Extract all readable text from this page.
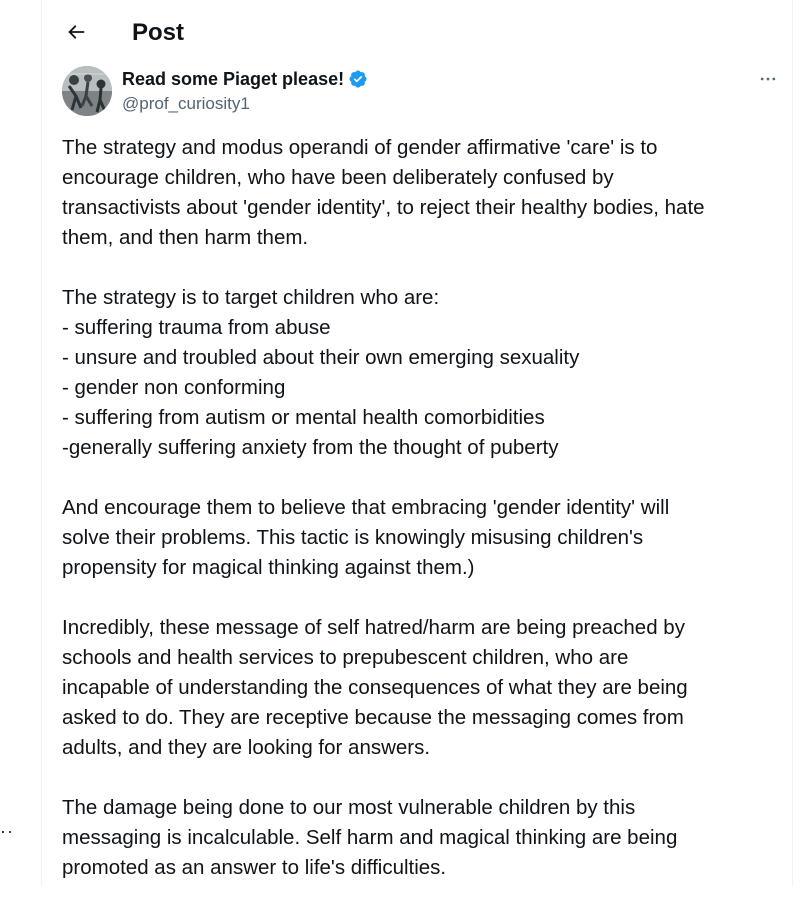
··
Post
Read some Piaget please!
@prof_curiosity1

The strategy and modus operandi of gender affirmative 'care' is to
encourage children, who have been deliberately confused by
transactivists about 'gender identity', to reject their healthy bodies, hate
them, and then harm them.

The strategy is to target children who are:
- suffering trauma from abuse
- unsure and troubled about their own emerging sexuality
- gender non conforming
- suffering from autism or mental health comorbidities
-generally suffering anxiety from the thought of puberty

And encourage them to believe that embracing 'gender identity' will
solve their problems. This tactic is knowingly misusing children's
propensity for magical thinking against them.)

Incredibly, these message of self hatred/harm are being preached by
schools and health services to prepubescent children, who are
incapable of understanding the consequences of what they are being
asked to do. They are receptive because the messaging comes from
adults, and they are looking for answers.

The damage being done to our most vulnerable children by this
messaging is incalculable. Self harm and magical thinking are being
promoted as an answer to life's difficulties.
